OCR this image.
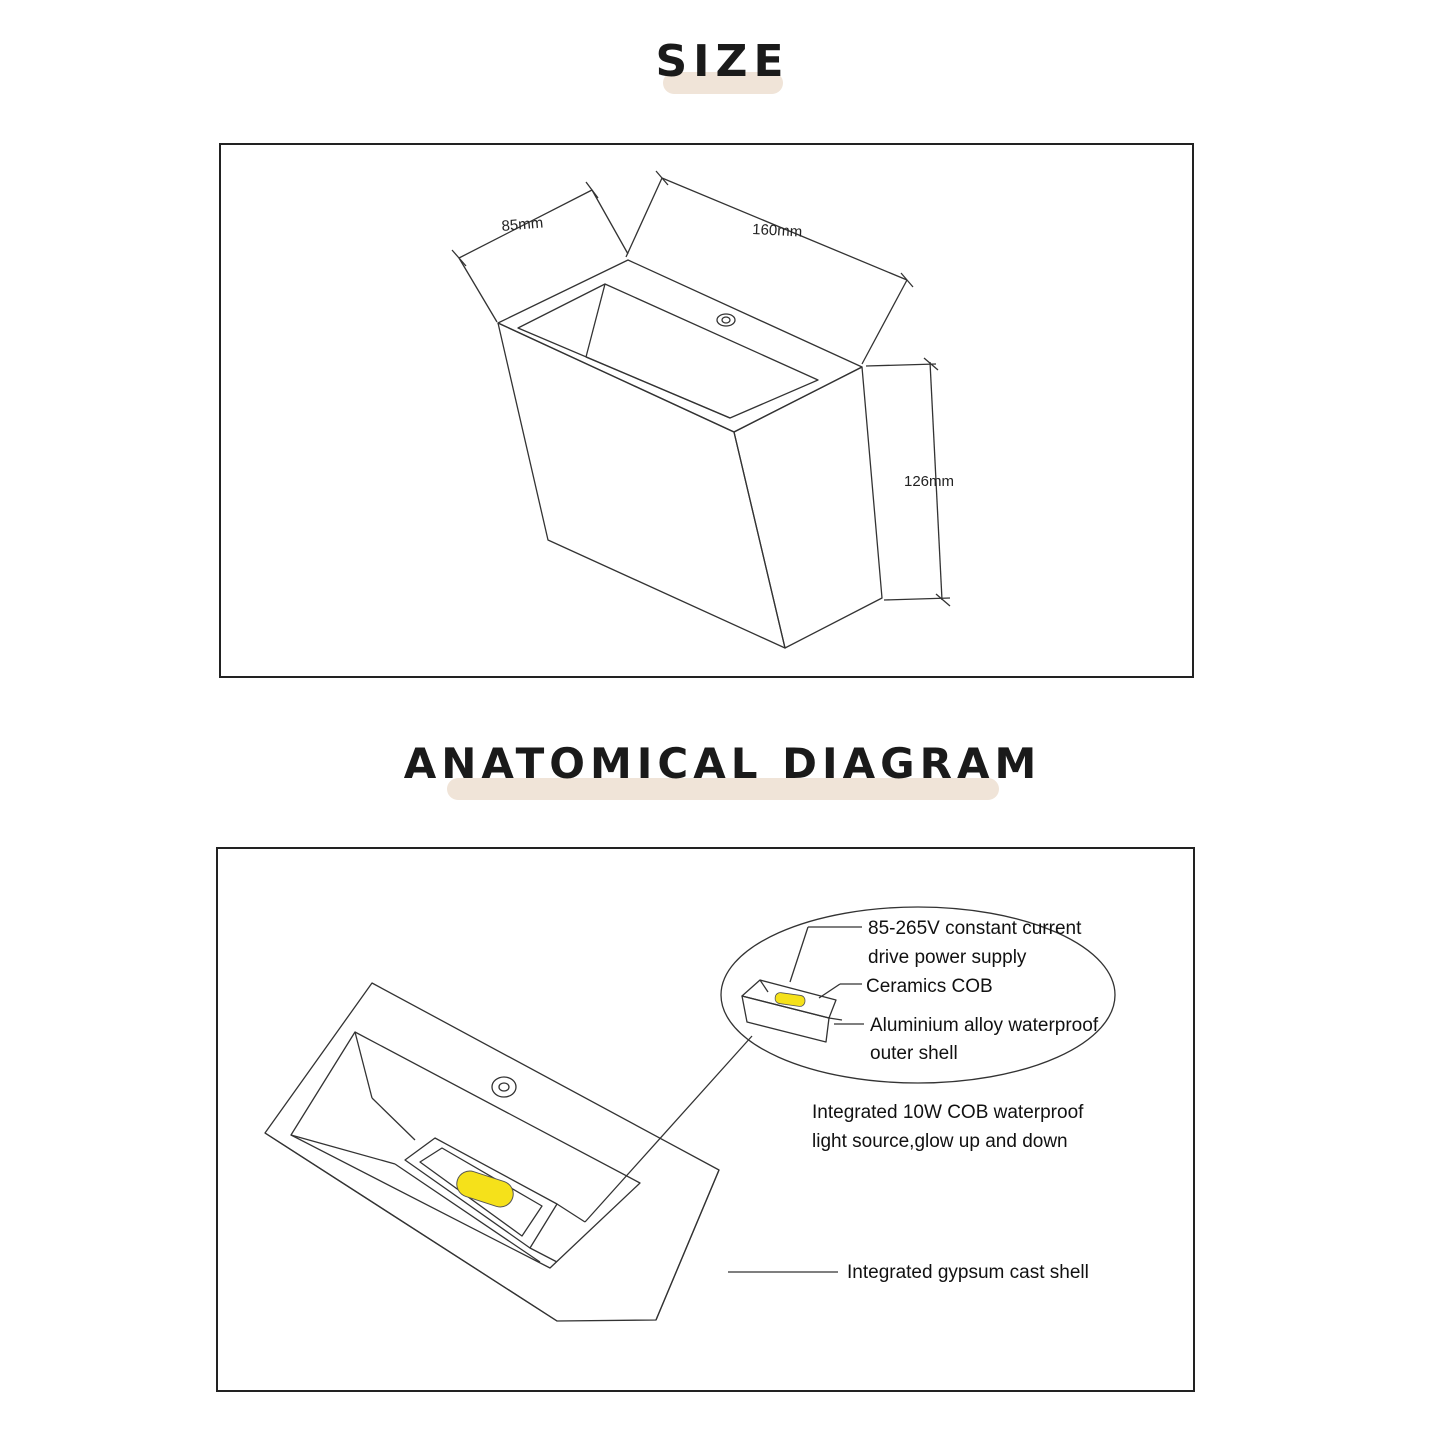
SIZE
ANATOMICAL DIAGRAM
85mm	160mm
126mm
85-265V constant current
drive power supply
Ceramics COB
Aluminium alloy waterproof
outer shell
Integrated 10W COB waterproof
light source,glow up and down
Integrated gypsum cast shell
